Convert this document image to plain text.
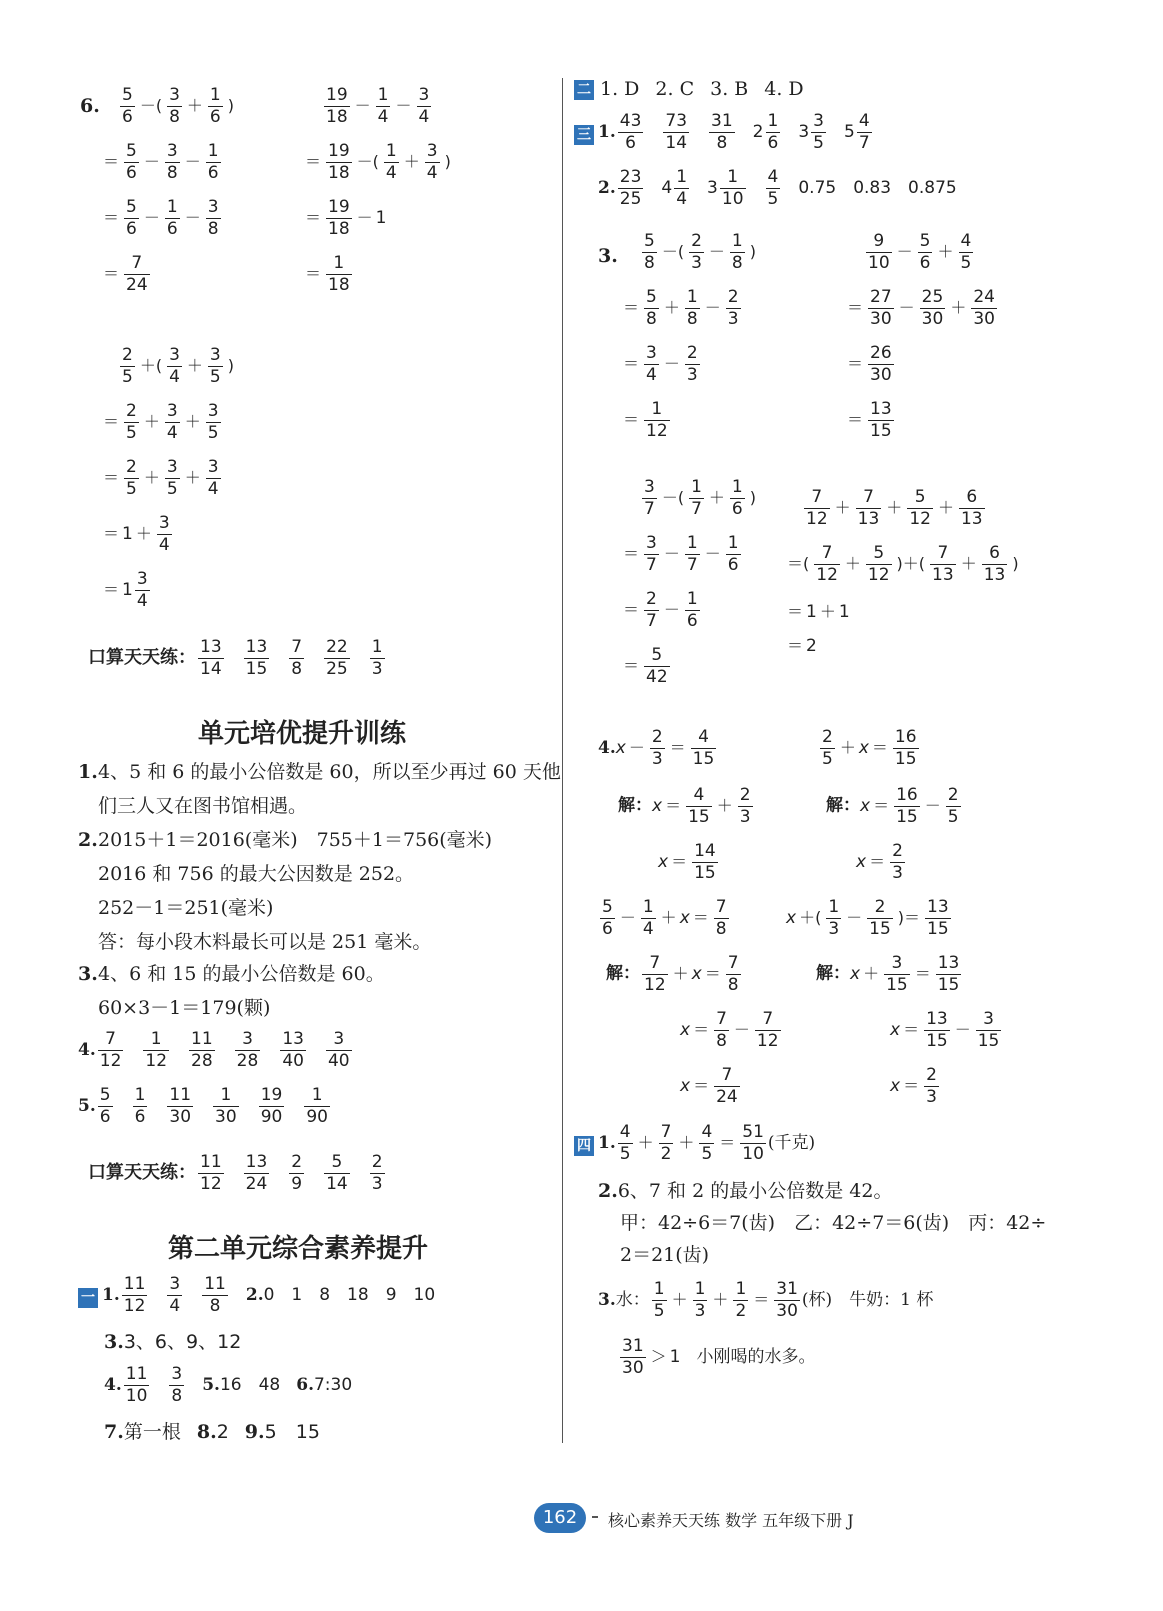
6. $\frac{5}{6}$ －( $\frac{3}{8} + \frac{1}{6}$ )
＝ $\frac{5}{6} - \frac{3}{8} - \frac{1}{6}$
＝ $\frac{5}{6} - \frac{1}{6} - \frac{3}{8}$
＝ $\frac{7}{24}$
$\frac{19}{18} - \frac{1}{4} - \frac{3}{4}$
＝ $\frac{19}{18}$ －( $\frac{1}{4} + \frac{3}{4}$ )
＝ $\frac{19}{18} - 1$
＝ $\frac{1}{18}$
$\frac{2}{5}$ ＋( $\frac{3}{4} + \frac{3}{5}$ )
＝ $\frac{2}{5} + \frac{3}{4} + \frac{3}{5}$
＝ $\frac{2}{5} + \frac{3}{5} + \frac{3}{4}$
＝ $1 + \frac{3}{4}$
＝ $1 \frac{3}{4}$
口算天天练： $\frac{13}{14} \frac{13}{15} \frac{7}{8} \frac{22}{25} \frac{1}{3}$
单元培优提升训练
1. 4、5 和 6 的最小公倍数是 60，所以至少再过 60 天他
们三人又在图书馆相遇。
2. 2015＋1＝2016(毫米)　755＋1＝756(毫米)
2016 和 756 的最大公因数是 252。
252－1＝251(毫米)
答：每小段木料最长可以是 251 毫米。
3. 4、6 和 15 的最小公倍数是 60。
60×3－1＝179(颗)
4. $\frac{7}{12} \frac{1}{12} \frac{11}{28} \frac{3}{28} \frac{13}{40} \frac{3}{40}$
5. $\frac{5}{6} \frac{1}{6} \frac{11}{30} \frac{1}{30} \frac{19}{90} \frac{1}{90}$
口算天天练： $\frac{11}{12} \frac{13}{24} \frac{2}{9} \frac{5}{14} \frac{2}{3}$
第二单元综合素养提升
一 1. $\frac{11}{12} \frac{3}{4} \frac{11}{8} 2.0$　1　8　18　9　10
3.3、6、9、12
4. $\frac{11}{10} \frac{3}{8} 5.16$　48 6.7:30
7.第一根 8.2 9.5　15
二 1. D 2. C 3. B 4. D
三 1. $\frac{43}{6} \frac{73}{14} \frac{31}{8} 2 \frac{1}{6} 3 \frac{3}{5} 5 \frac{4}{7}$
2. $\frac{23}{25} 4 \frac{1}{4} 3 \frac{1}{10} \frac{4}{5} 0.75$　0.83　0.875
3. $\frac{5}{8}$ －( $\frac{2}{3} - \frac{1}{8}$ )
＝ $\frac{5}{8} + \frac{1}{8} - \frac{2}{3}$
＝ $\frac{3}{4} - \frac{2}{3}$
＝ $\frac{1}{12}$
$\frac{9}{10} - \frac{5}{6} + \frac{4}{5}$
＝ $\frac{27}{30} - \frac{25}{30} + \frac{24}{30}$
＝ $\frac{26}{30}$
＝ $\frac{13}{15}$
$\frac{3}{7}$ －( $\frac{1}{7} + \frac{1}{6}$ )
＝ $\frac{3}{7} - \frac{1}{7} - \frac{1}{6}$
＝ $\frac{2}{7} - \frac{1}{6}$
＝ $\frac{5}{42}$
$\frac{7}{12} + \frac{7}{13} + \frac{5}{12} + \frac{6}{13}$
＝( $\frac{7}{12} + \frac{5}{12}$ )＋( $\frac{7}{13} + \frac{6}{13}$ )
＝ 1 ＋ 1
＝ 2
$4.x - \frac{2}{3} = \frac{4}{15}$
解：$x = \frac{4}{15} + \frac{2}{3}$
$x = \frac{14}{15}$
$\frac{2}{5} + x = \frac{16}{15}$
解：$x = \frac{16}{15} - \frac{2}{5}$
$x = \frac{2}{3}$
$\frac{5}{6} - \frac{1}{4} + x = \frac{7}{8}$
解： $\frac{7}{12} + x = \frac{7}{8}$
$x = \frac{7}{8} - \frac{7}{12}$
$x = \frac{7}{24}$
x ＋( $\frac{1}{3} - \frac{2}{15}$ )＝ $\frac{13}{15}$
解：$x + \frac{3}{15} = \frac{13}{15}$
$x = \frac{13}{15} - \frac{3}{15}$
$x = \frac{2}{3}$
四 1. $\frac{4}{5} + \frac{7}{2} + \frac{4}{5} = \frac{51}{10}$ (千克)
2.6、7 和 2 的最小公倍数是 42。
甲：42÷6＝7(齿)　乙：42÷7＝6(齿)　丙：42÷
2＝21(齿)
3.水： $\frac{1}{5} + \frac{1}{3} + \frac{1}{2} = \frac{31}{30}$ (杯)　牛奶：1 杯
$\frac{31}{30} > 1$ 小刚喝的水多。
162	核心素养天天练 数学 五年级下册 J
